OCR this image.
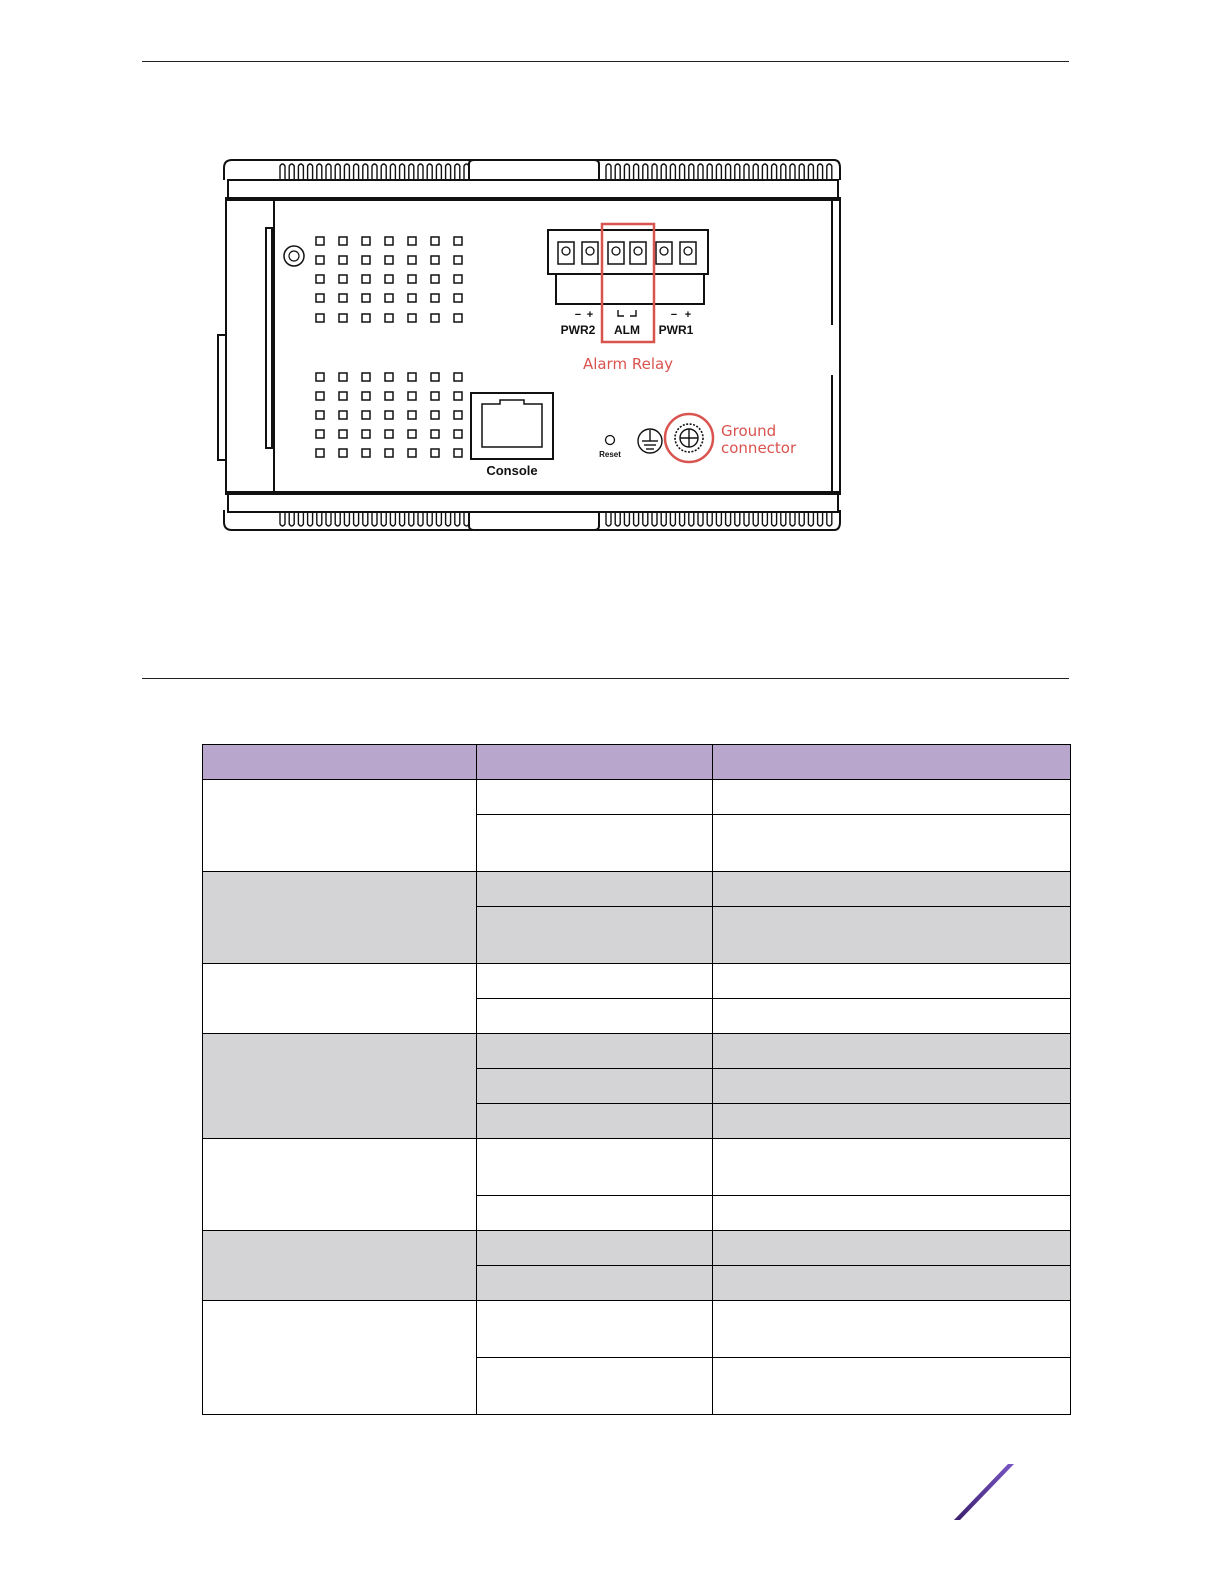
− +	− +
PWR2 ALM PWR1
Alarm Relay
Console
Reset
Ground
connector
